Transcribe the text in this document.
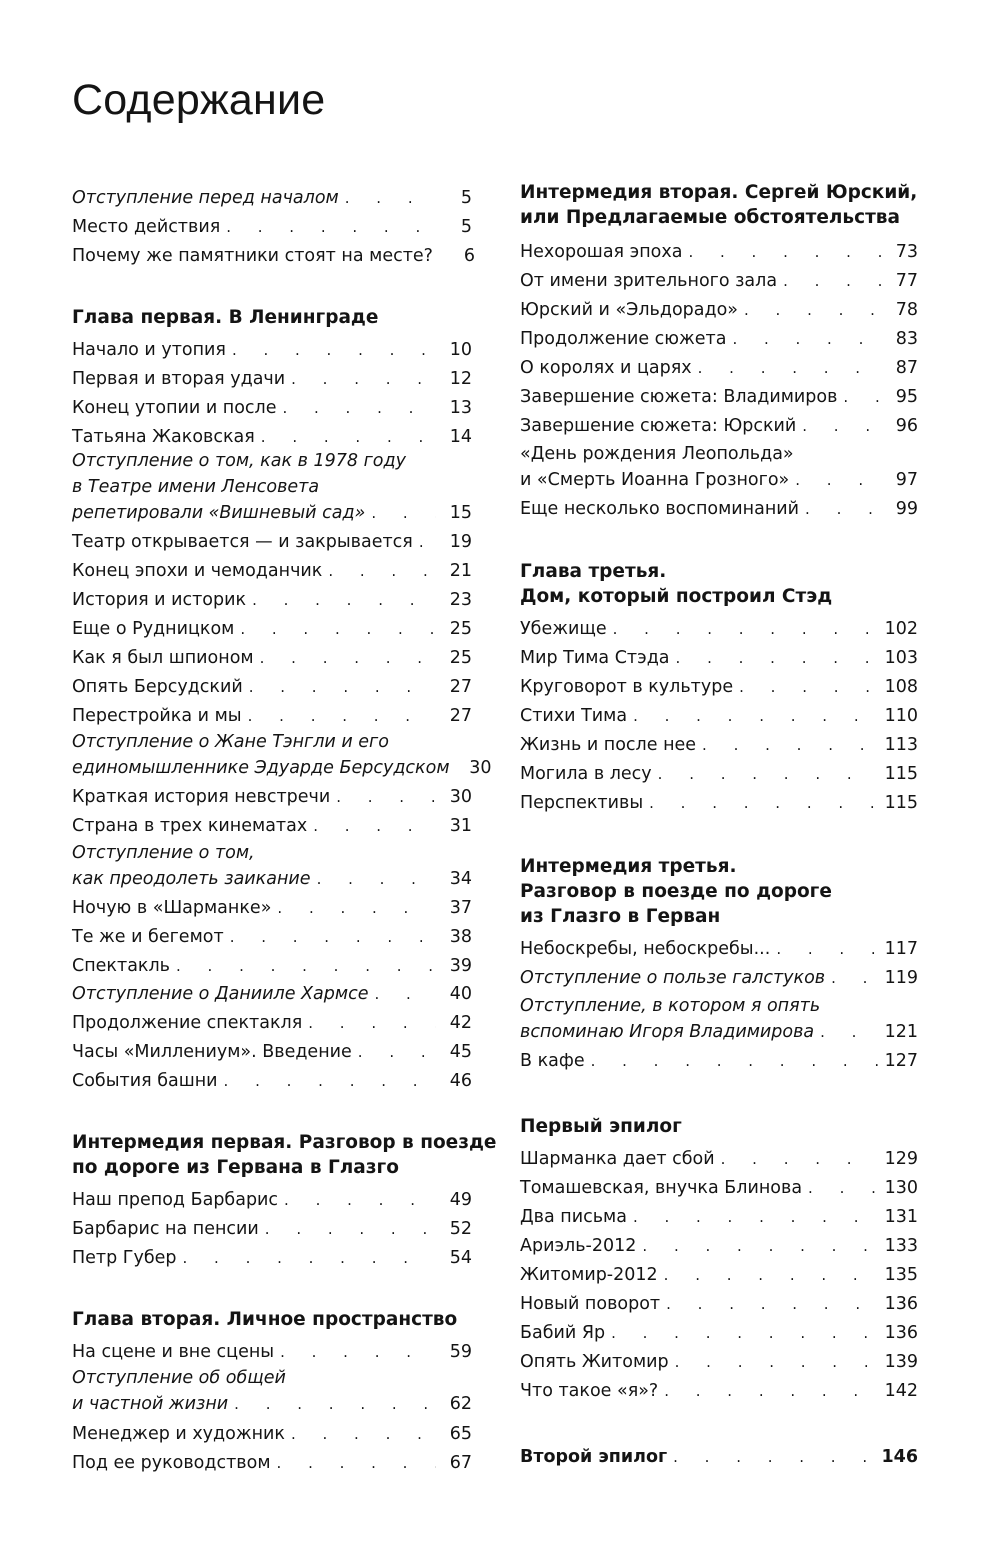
Содержание
Отступление перед началом . . .	5
Место действия . . .	5
Почему же памятники стоят на месте?	6
Глава первая. В Ленинграде
Начало и утопия . . .	10
Первая и вторая удачи . . .	12
Конец утопии и после . . .	13
Татьяна Жаковская . . .	14
Отступление о том, как в 1978 году
в Театре имени Ленсовета
репетировали «Вишневый сад» . . .	15
Театр открывается — и закрывается . . .	19
Конец эпохи и чемоданчик . . .	21
История и историк . . .	23
Еще о Рудницком . . .	25
Как я был шпионом . . .	25
Опять Берсудский . . .	27
Перестройка и мы . . .	27
Отступление о Жане Тэнгли и его
единомышленнике Эдуарде Берсудском	30
Краткая история невстречи . . .	30
Страна в трех кинематах . . .	31
Отступление о том,
как преодолеть заикание . . .	34
Ночую в «Шарманке» . . .	37
Те же и бегемот . . .	38
Спектакль . . .	39
Отступление о Данииле Хармсе . . .	40
Продолжение спектакля . . .	42
Часы «Миллениум». Введение . . .	45
События башни . . .	46
Интермедия первая. Разговор в поезде
по дороге из Гервана в Глазго
Наш препод Барбарис . . .	49
Барбарис на пенсии . . .	52
Петр Губер . . .	54
Глава вторая. Личное пространство
На сцене и вне сцены . . .	59
Отступление об общей
и частной жизни . . .	62
Менеджер и художник . . .	65
Под ее руководством . . .	67
Интермедия вторая. Сергей Юрский,
или Предлагаемые обстоятельства
Нехорошая эпоха . . .	73
От имени зрительного зала . . .	77
Юрский и «Эльдорадо» . . .	78
Продолжение сюжета . . .	83
О королях и царях . . .	87
Завершение сюжета: Владимиров . . .	95
Завершение сюжета: Юрский . . .	96
«День рождения Леопольда»
и «Смерть Иоанна Грозного» . . .	97
Еще несколько воспоминаний . . .	99
Глава третья.
Дом, который построил Стэд
Убежище . . .	102
Мир Тима Стэда . . .	103
Круговорот в культуре . . .	108
Стихи Тима . . .	110
Жизнь и после нее . . .	113
Могила в лесу . . .	115
Перспективы . . .	115
Интермедия третья.
Разговор в поезде по дороге
из Глазго в Герван
Небоскребы, небоскребы... . . .	117
Отступление о пользе галстуков . . .	119
Отступление, в котором я опять
вспоминаю Игоря Владимирова . . .	121
В кафе . . .	127
Первый эпилог
Шарманка дает сбой . . .	129
Томашевская, внучка Блинова . . .	130
Два письма . . .	131
Ариэль-2012 . . .	133
Житомир-2012 . . .	135
Новый поворот . . .	136
Бабий Яр . . .	136
Опять Житомир . . .	139
Что такое «я»? . . .	142
Второй эпилог . . .	146
